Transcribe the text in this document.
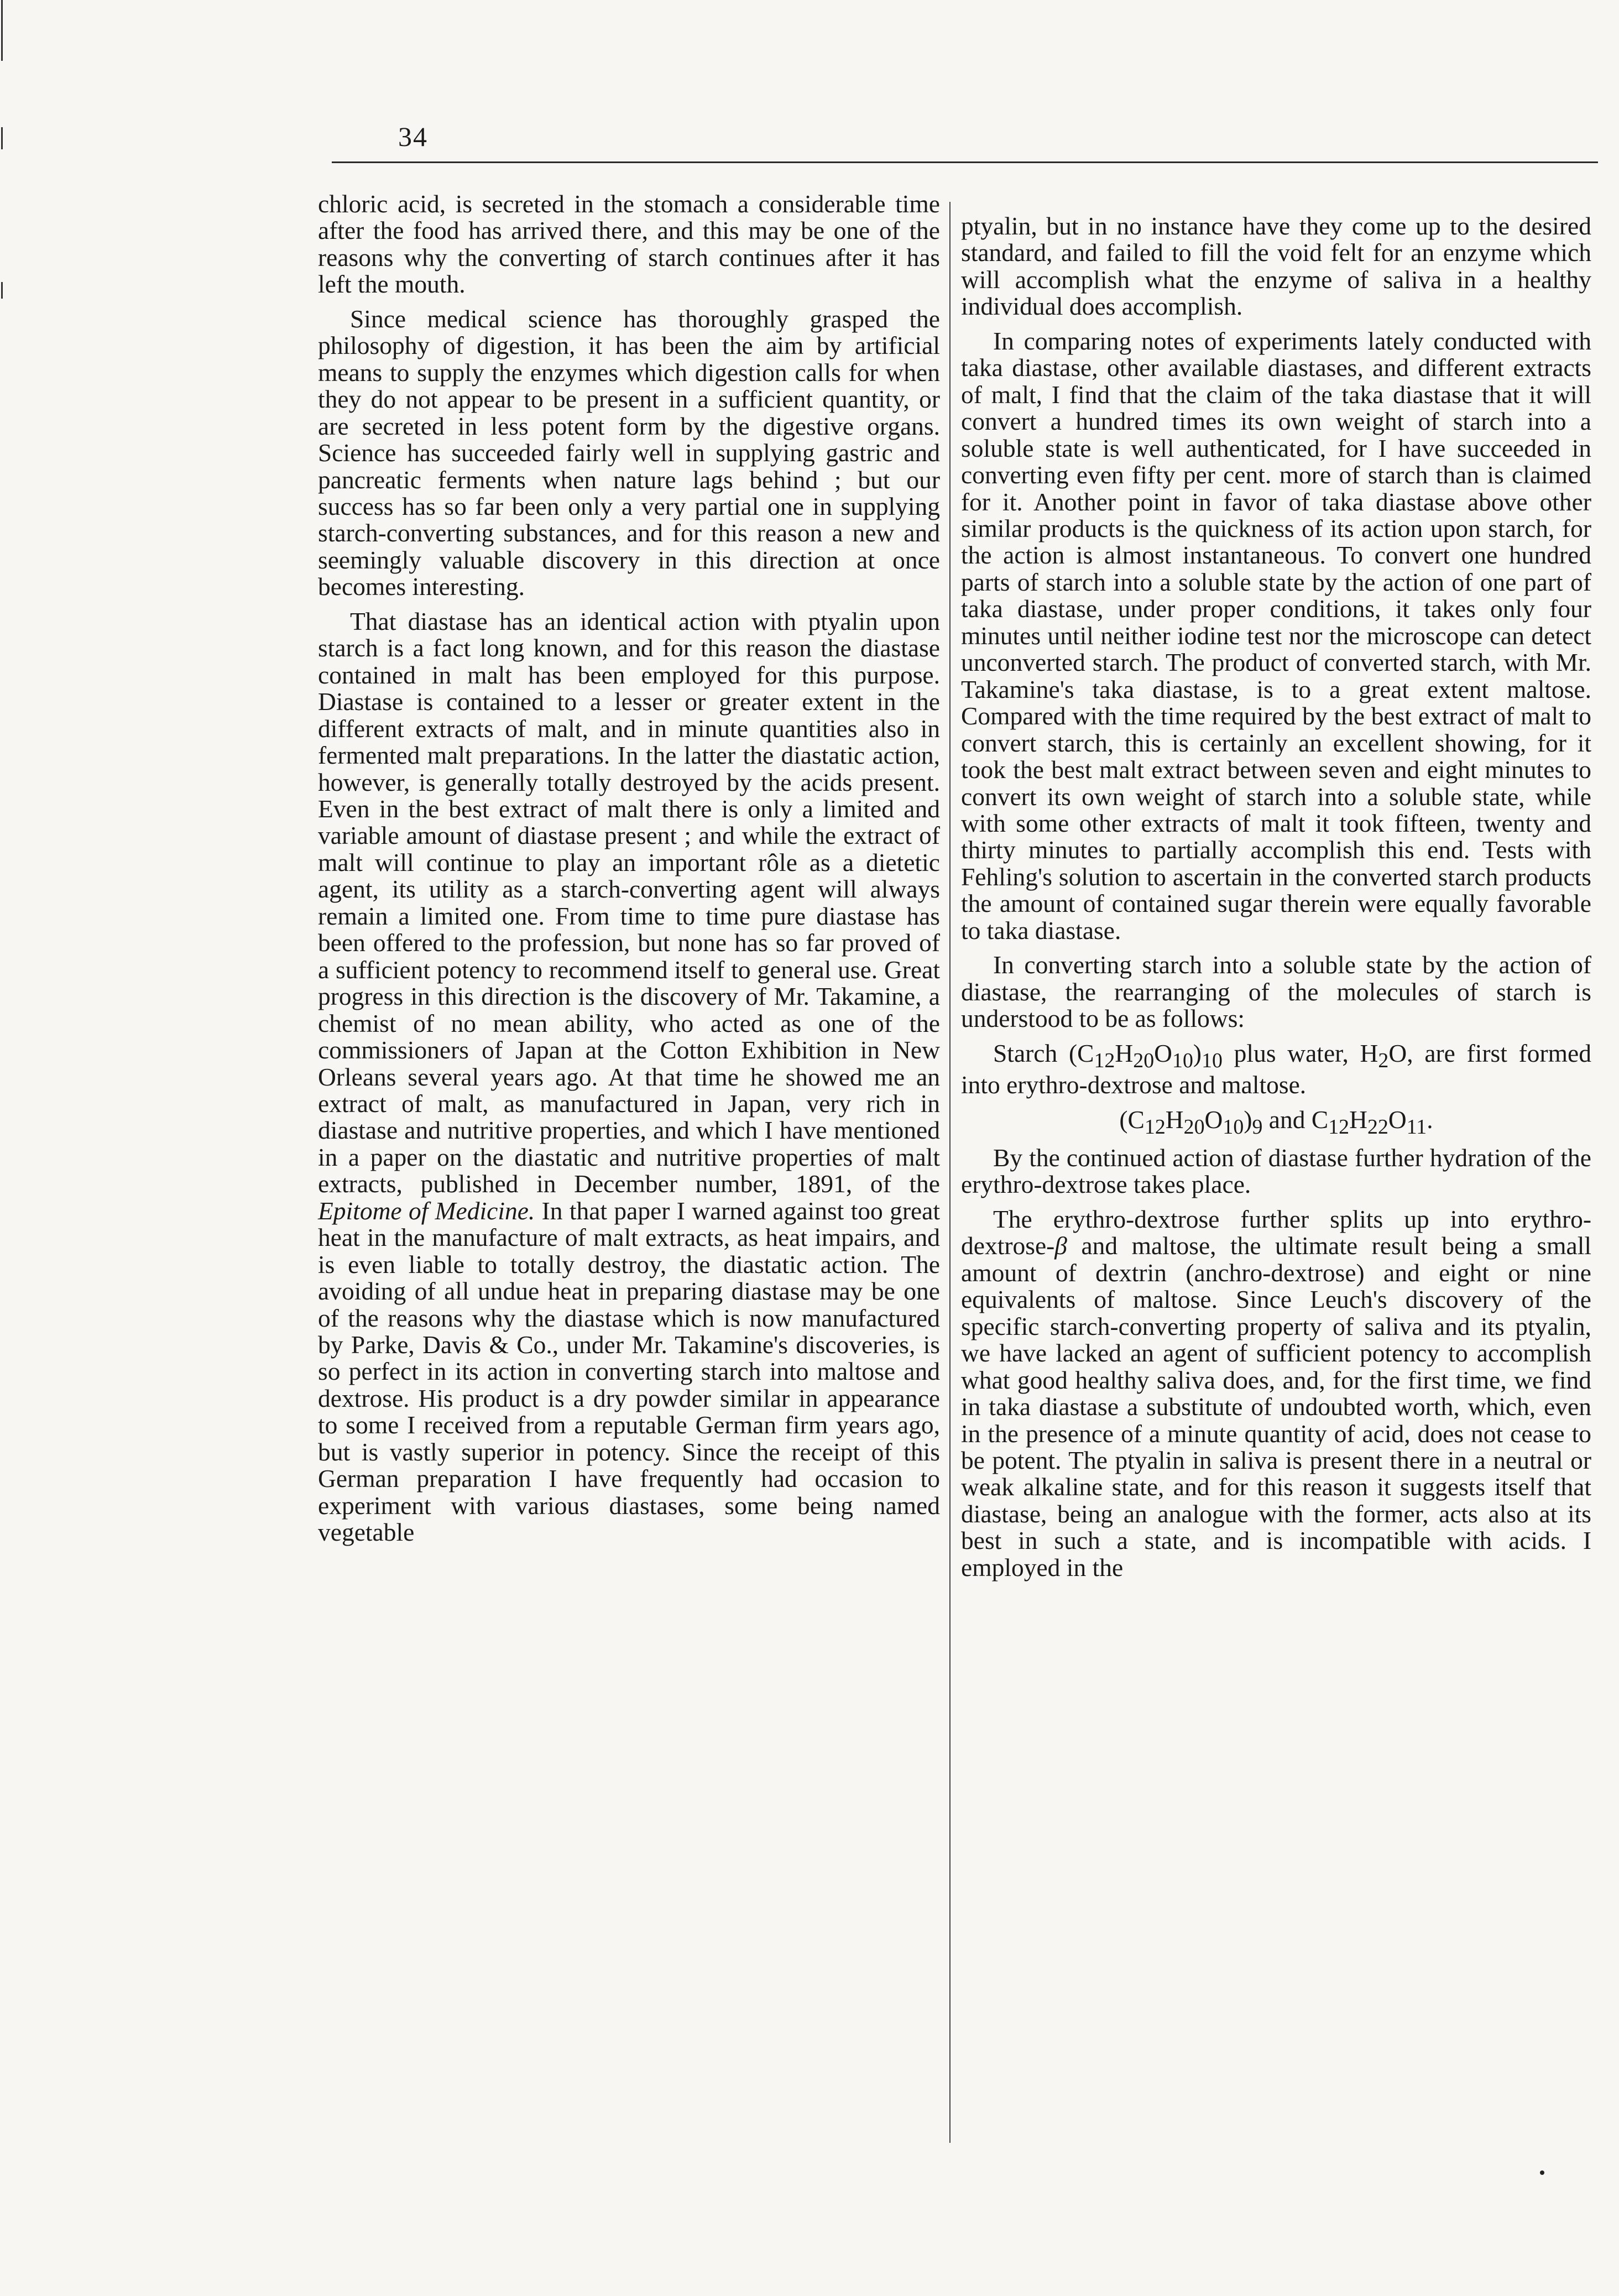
34

chloric acid, is secreted in the stomach a considerable time after the food has arrived there, and this may be one of the reasons why the converting of starch continues after it has left the mouth.

Since medical science has thoroughly grasped the philosophy of digestion, it has been the aim by artificial means to supply the enzymes which digestion calls for when they do not appear to be present in a sufficient quantity, or are secreted in less potent form by the digestive organs. Science has succeeded fairly well in supplying gastric and pancreatic ferments when nature lags behind ; but our success has so far been only a very partial one in supplying starch-converting substances, and for this reason a new and seemingly valuable discovery in this direction at once becomes interesting.

That diastase has an identical action with ptyalin upon starch is a fact long known, and for this reason the diastase contained in malt has been employed for this purpose. Diastase is contained to a lesser or greater extent in the different extracts of malt, and in minute quantities also in fermented malt preparations. In the latter the diastatic action, however, is generally totally destroyed by the acids present. Even in the best extract of malt there is only a limited and variable amount of diastase present ; and while the extract of malt will continue to play an important rôle as a dietetic agent, its utility as a starch-converting agent will always remain a limited one. From time to time pure diastase has been offered to the profession, but none has so far proved of a sufficient potency to recommend itself to general use. Great progress in this direction is the discovery of Mr. Takamine, a chemist of no mean ability, who acted as one of the commissioners of Japan at the Cotton Exhibition in New Orleans several years ago. At that time he showed me an extract of malt, as manufactured in Japan, very rich in diastase and nutritive properties, and which I have mentioned in a paper on the diastatic and nutritive properties of malt extracts, published in December number, 1891, of the Epitome of Medicine. In that paper I warned against too great heat in the manufacture of malt extracts, as heat impairs, and is even liable to totally destroy, the diastatic action. The avoiding of all undue heat in preparing diastase may be one of the reasons why the diastase which is now manufactured by Parke, Davis & Co., under Mr. Takamine's discoveries, is so perfect in its action in converting starch into maltose and dextrose. His product is a dry powder similar in appearance to some I received from a reputable German firm years ago, but is vastly superior in potency. Since the receipt of this German preparation I have frequently had occasion to experiment with various diastases, some being named vegetable

ptyalin, but in no instance have they come up to the desired standard, and failed to fill the void felt for an enzyme which will accomplish what the enzyme of saliva in a healthy individual does accomplish.

In comparing notes of experiments lately conducted with taka diastase, other available diastases, and different extracts of malt, I find that the claim of the taka diastase that it will convert a hundred times its own weight of starch into a soluble state is well authenticated, for I have succeeded in converting even fifty per cent. more of starch than is claimed for it. Another point in favor of taka diastase above other similar products is the quickness of its action upon starch, for the action is almost instantaneous. To convert one hundred parts of starch into a soluble state by the action of one part of taka diastase, under proper conditions, it takes only four minutes until neither iodine test nor the microscope can detect unconverted starch. The product of converted starch, with Mr. Takamine's taka diastase, is to a great extent maltose. Compared with the time required by the best extract of malt to convert starch, this is certainly an excellent showing, for it took the best malt extract between seven and eight minutes to convert its own weight of starch into a soluble state, while with some other extracts of malt it took fifteen, twenty and thirty minutes to partially accomplish this end. Tests with Fehling's solution to ascertain in the converted starch products the amount of contained sugar therein were equally favorable to taka diastase.

In converting starch into a soluble state by the action of diastase, the rearranging of the molecules of starch is understood to be as follows:

Starch $(C_{12}H_{20}O_{10})_{10}$ plus water, $H_2O$, are first formed into erythro-dextrose and maltose.

$(C_{12}H_{20}O_{10})_9$ and $C_{12}H_{22}O_{11}$.

By the continued action of diastase further hydration of the erythro-dextrose takes place.

The erythro-dextrose further splits up into erythro-dextrose-β and maltose, the ultimate result being a small amount of dextrin (anchro-dextrose) and eight or nine equivalents of maltose. Since Leuch's discovery of the specific starch-converting property of saliva and its ptyalin, we have lacked an agent of sufficient potency to accomplish what good healthy saliva does, and, for the first time, we find in taka diastase a substitute of undoubted worth, which, even in the presence of a minute quantity of acid, does not cease to be potent. The ptyalin in saliva is present there in a neutral or weak alkaline state, and for this reason it suggests itself that diastase, being an analogue with the former, acts also at its best in such a state, and is incompatible with acids. I employed in the
